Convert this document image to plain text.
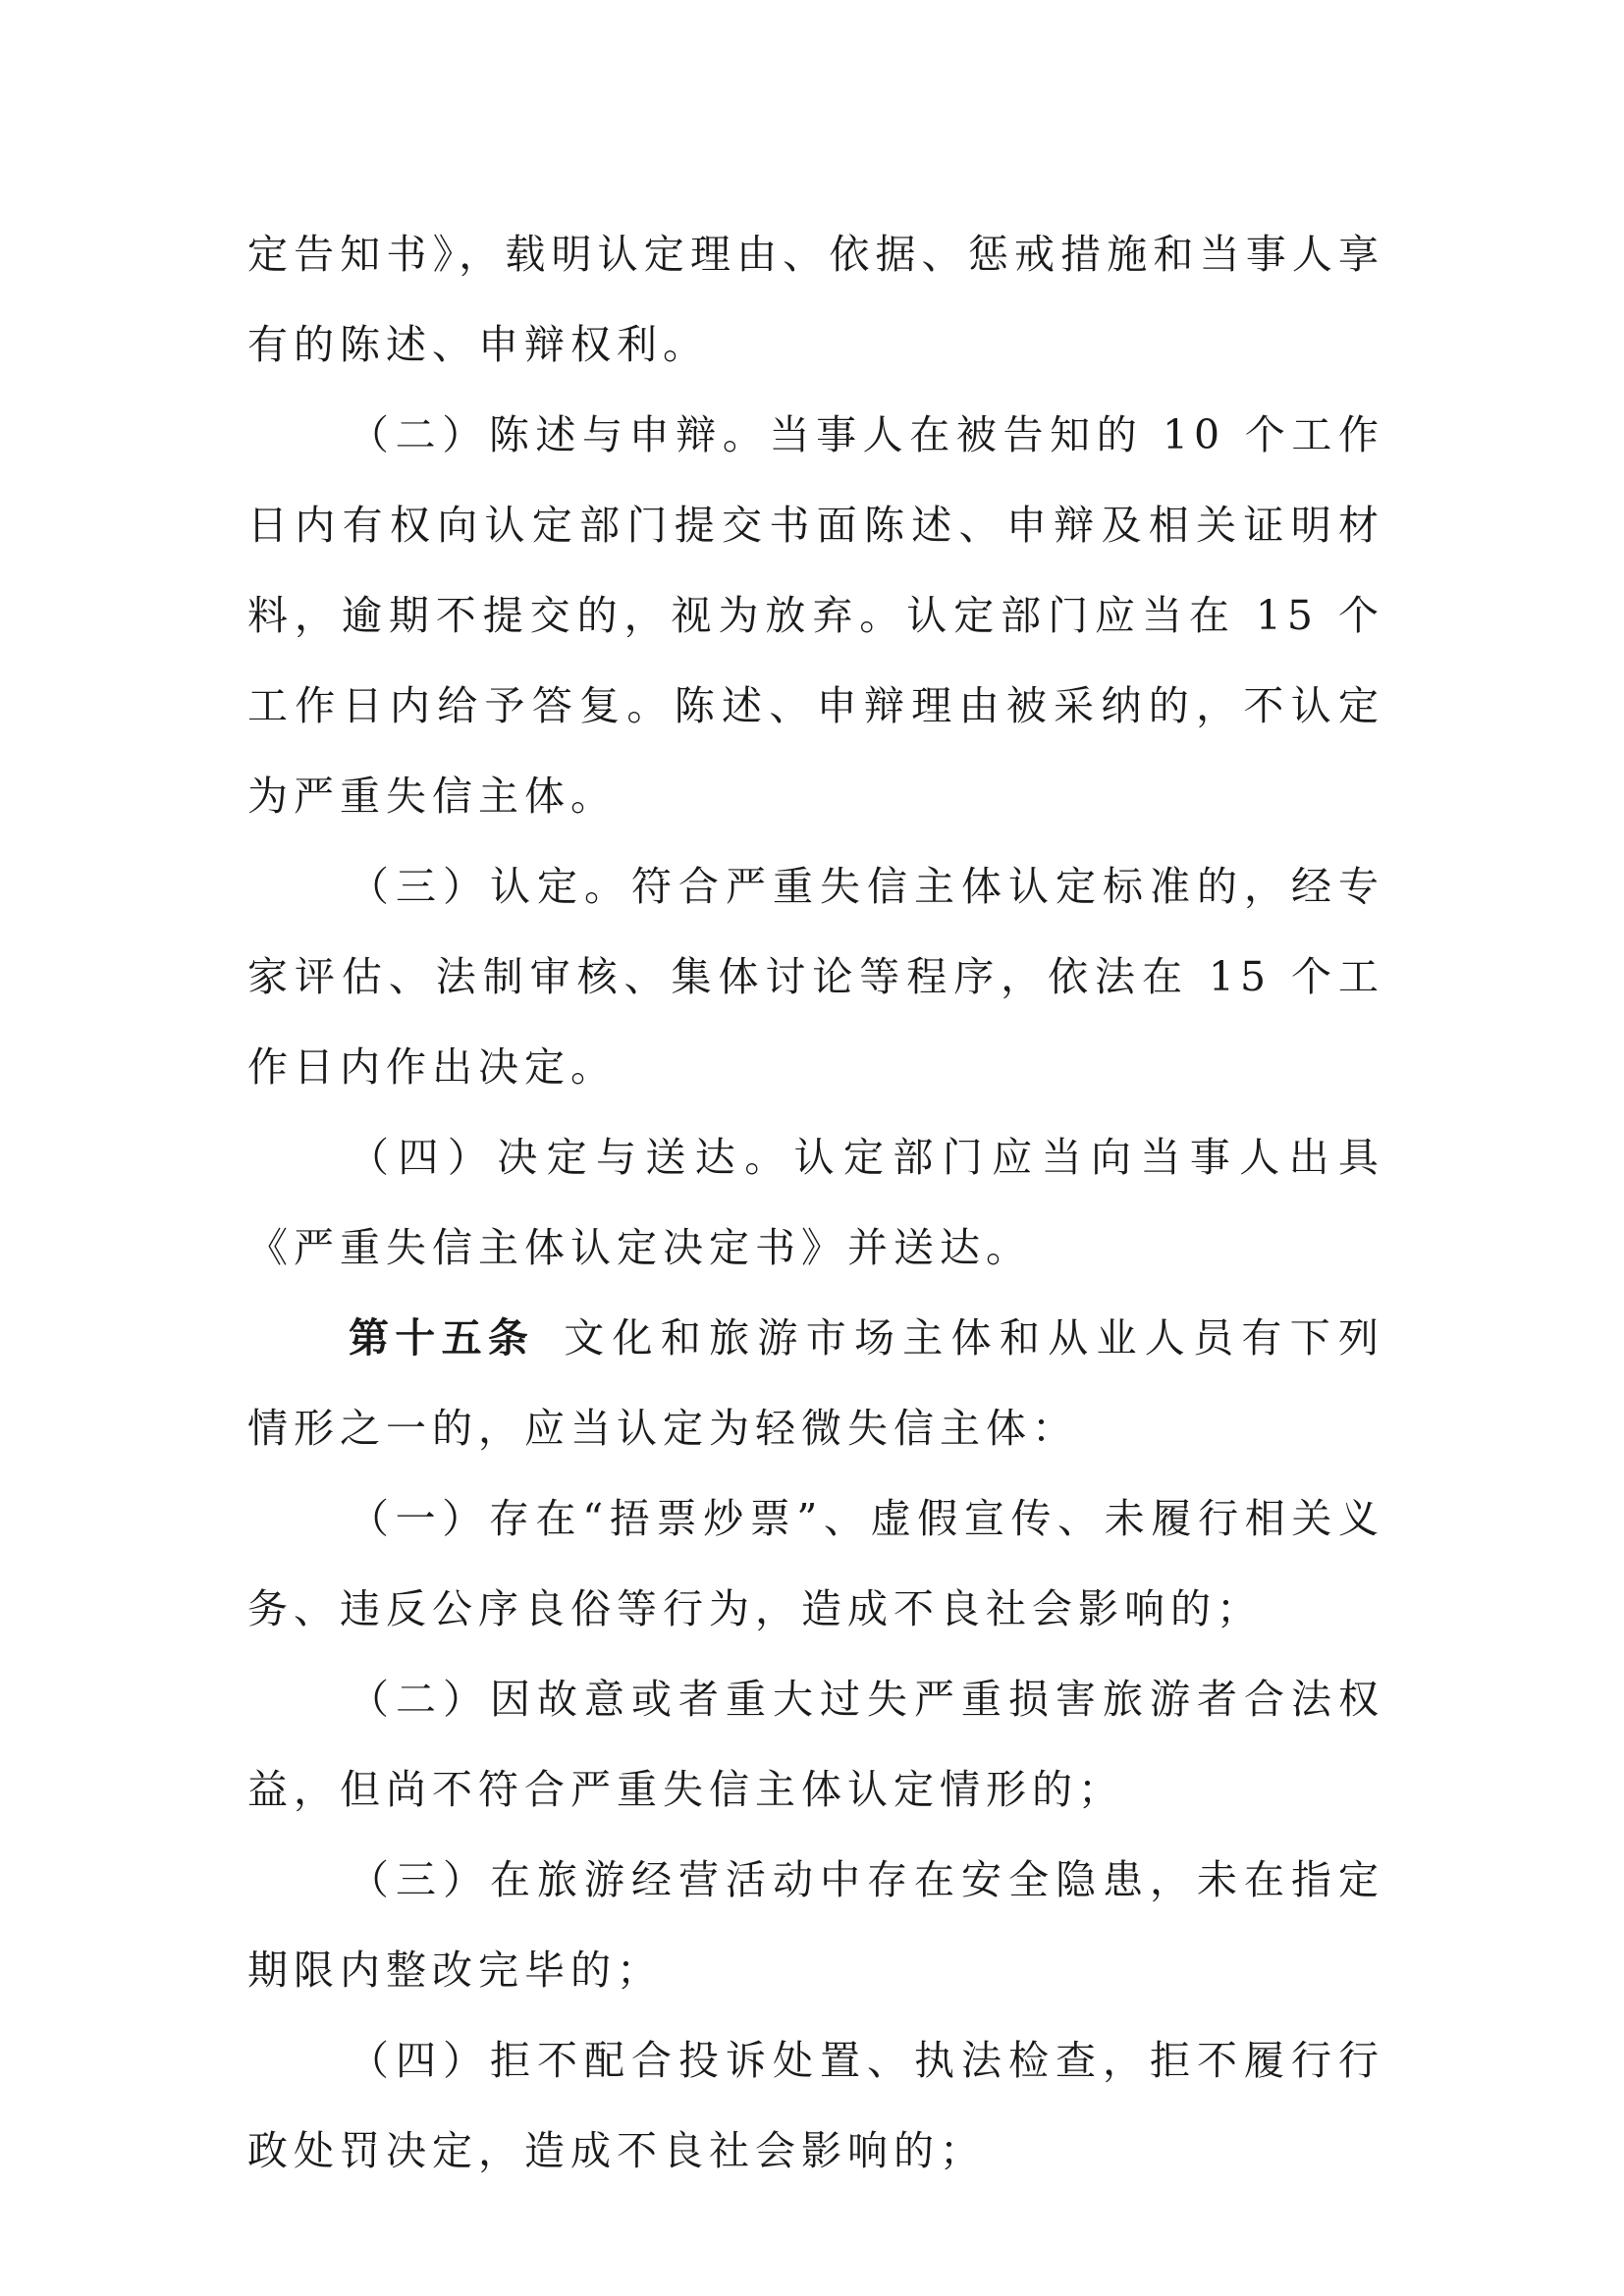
定告知书》，载明认定理由、依据、惩戒措施和当事人享有的陈述、申辩权利。

（二）陈述与申辩。当事人在被告知的 10 个工作日内有权向认定部门提交书面陈述、申辩及相关证明材料，逾期不提交的，视为放弃。认定部门应当在 15 个工作日内给予答复。陈述、申辩理由被采纳的，不认定为严重失信主体。

（三）认定。符合严重失信主体认定标准的，经专家评估、法制审核、集体讨论等程序，依法在 15 个工作日内作出决定。

（四）决定与送达。认定部门应当向当事人出具《严重失信主体认定决定书》并送达。

第十五条 文化和旅游市场主体和从业人员有下列情形之一的，应当认定为轻微失信主体：

（一）存在“捂票炒票”、虚假宣传、未履行相关义务、违反公序良俗等行为，造成不良社会影响的；

（二）因故意或者重大过失严重损害旅游者合法权益，但尚不符合严重失信主体认定情形的；

（三）在旅游经营活动中存在安全隐患，未在指定期限内整改完毕的；

（四）拒不配合投诉处置、执法检查，拒不履行行政处罚决定，造成不良社会影响的；
